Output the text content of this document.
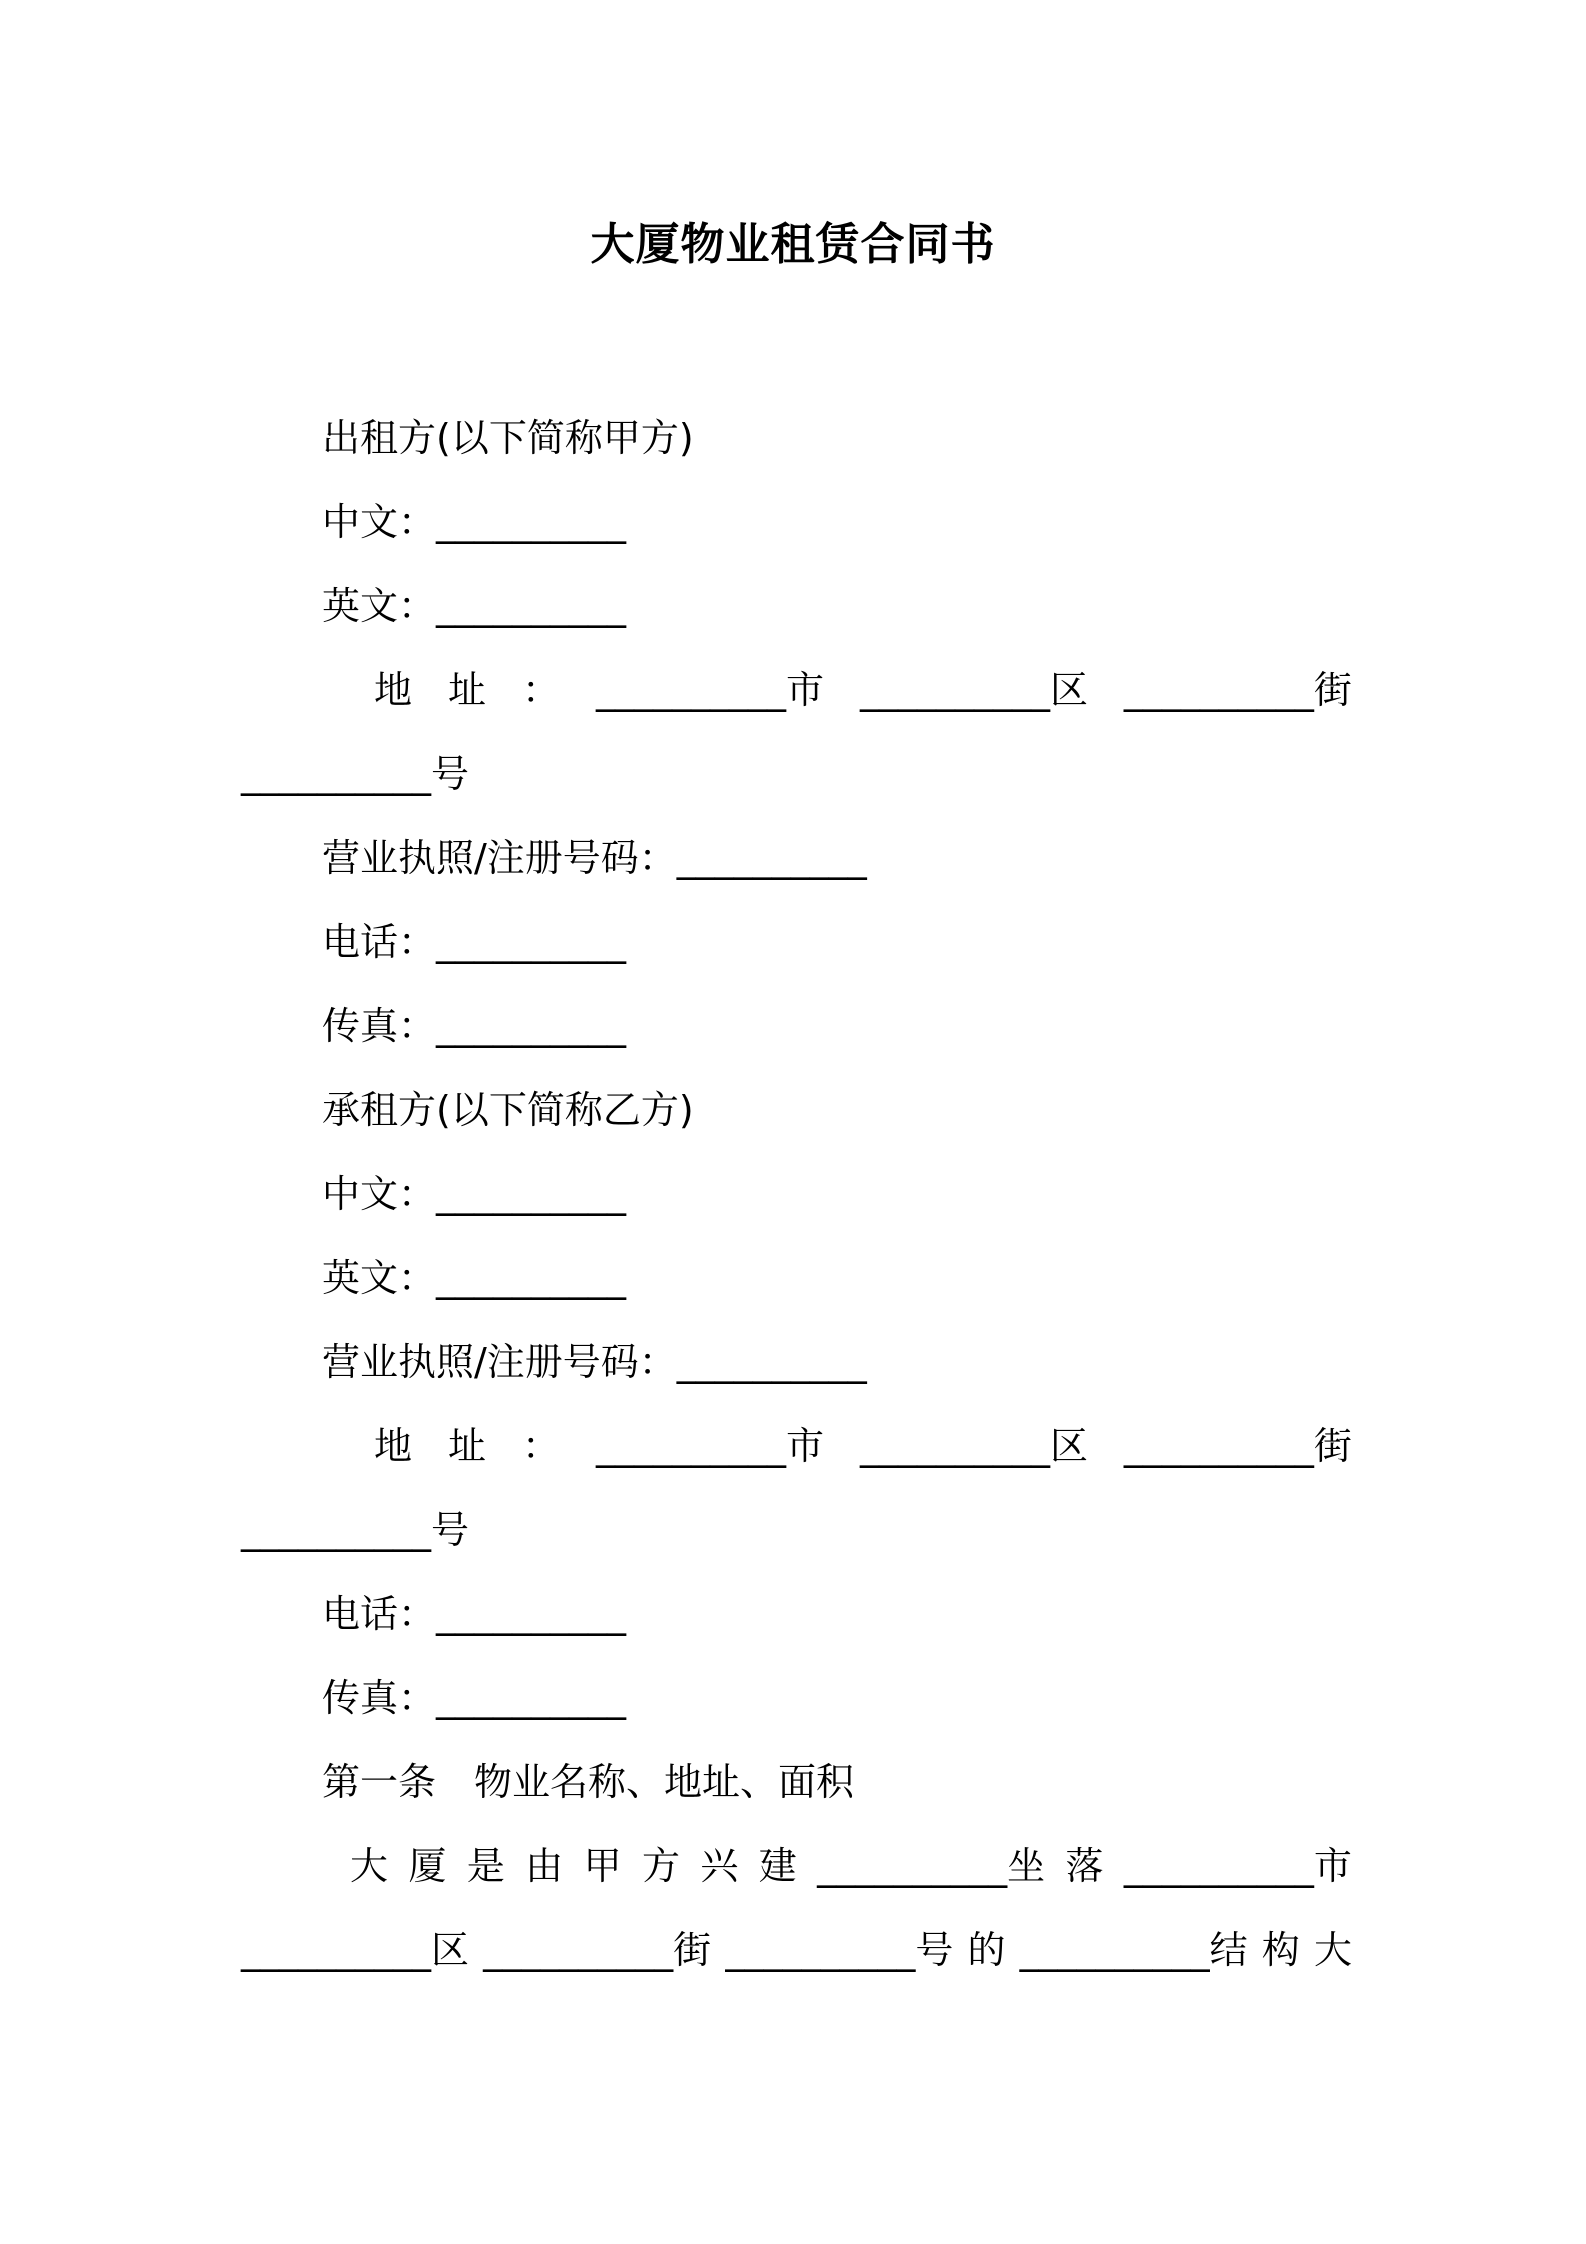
大厦物业租赁合同书
出租方(以下简称甲方)
中文：__________
英文：__________
地 址 ： __________市 __________区 __________街
__________号
营业执照/注册号码：__________
电话：__________
传真：__________
承租方(以下简称乙方)
中文：__________
英文：__________
营业执照/注册号码：__________
地 址 ： __________市 __________区 __________街
__________号
电话：__________
传真：__________
第一条　物业名称、地址、面积
大 厦 是 由 甲 方 兴 建 __________坐 落 __________市
__________区 __________街 __________号 的 __________结 构 大
